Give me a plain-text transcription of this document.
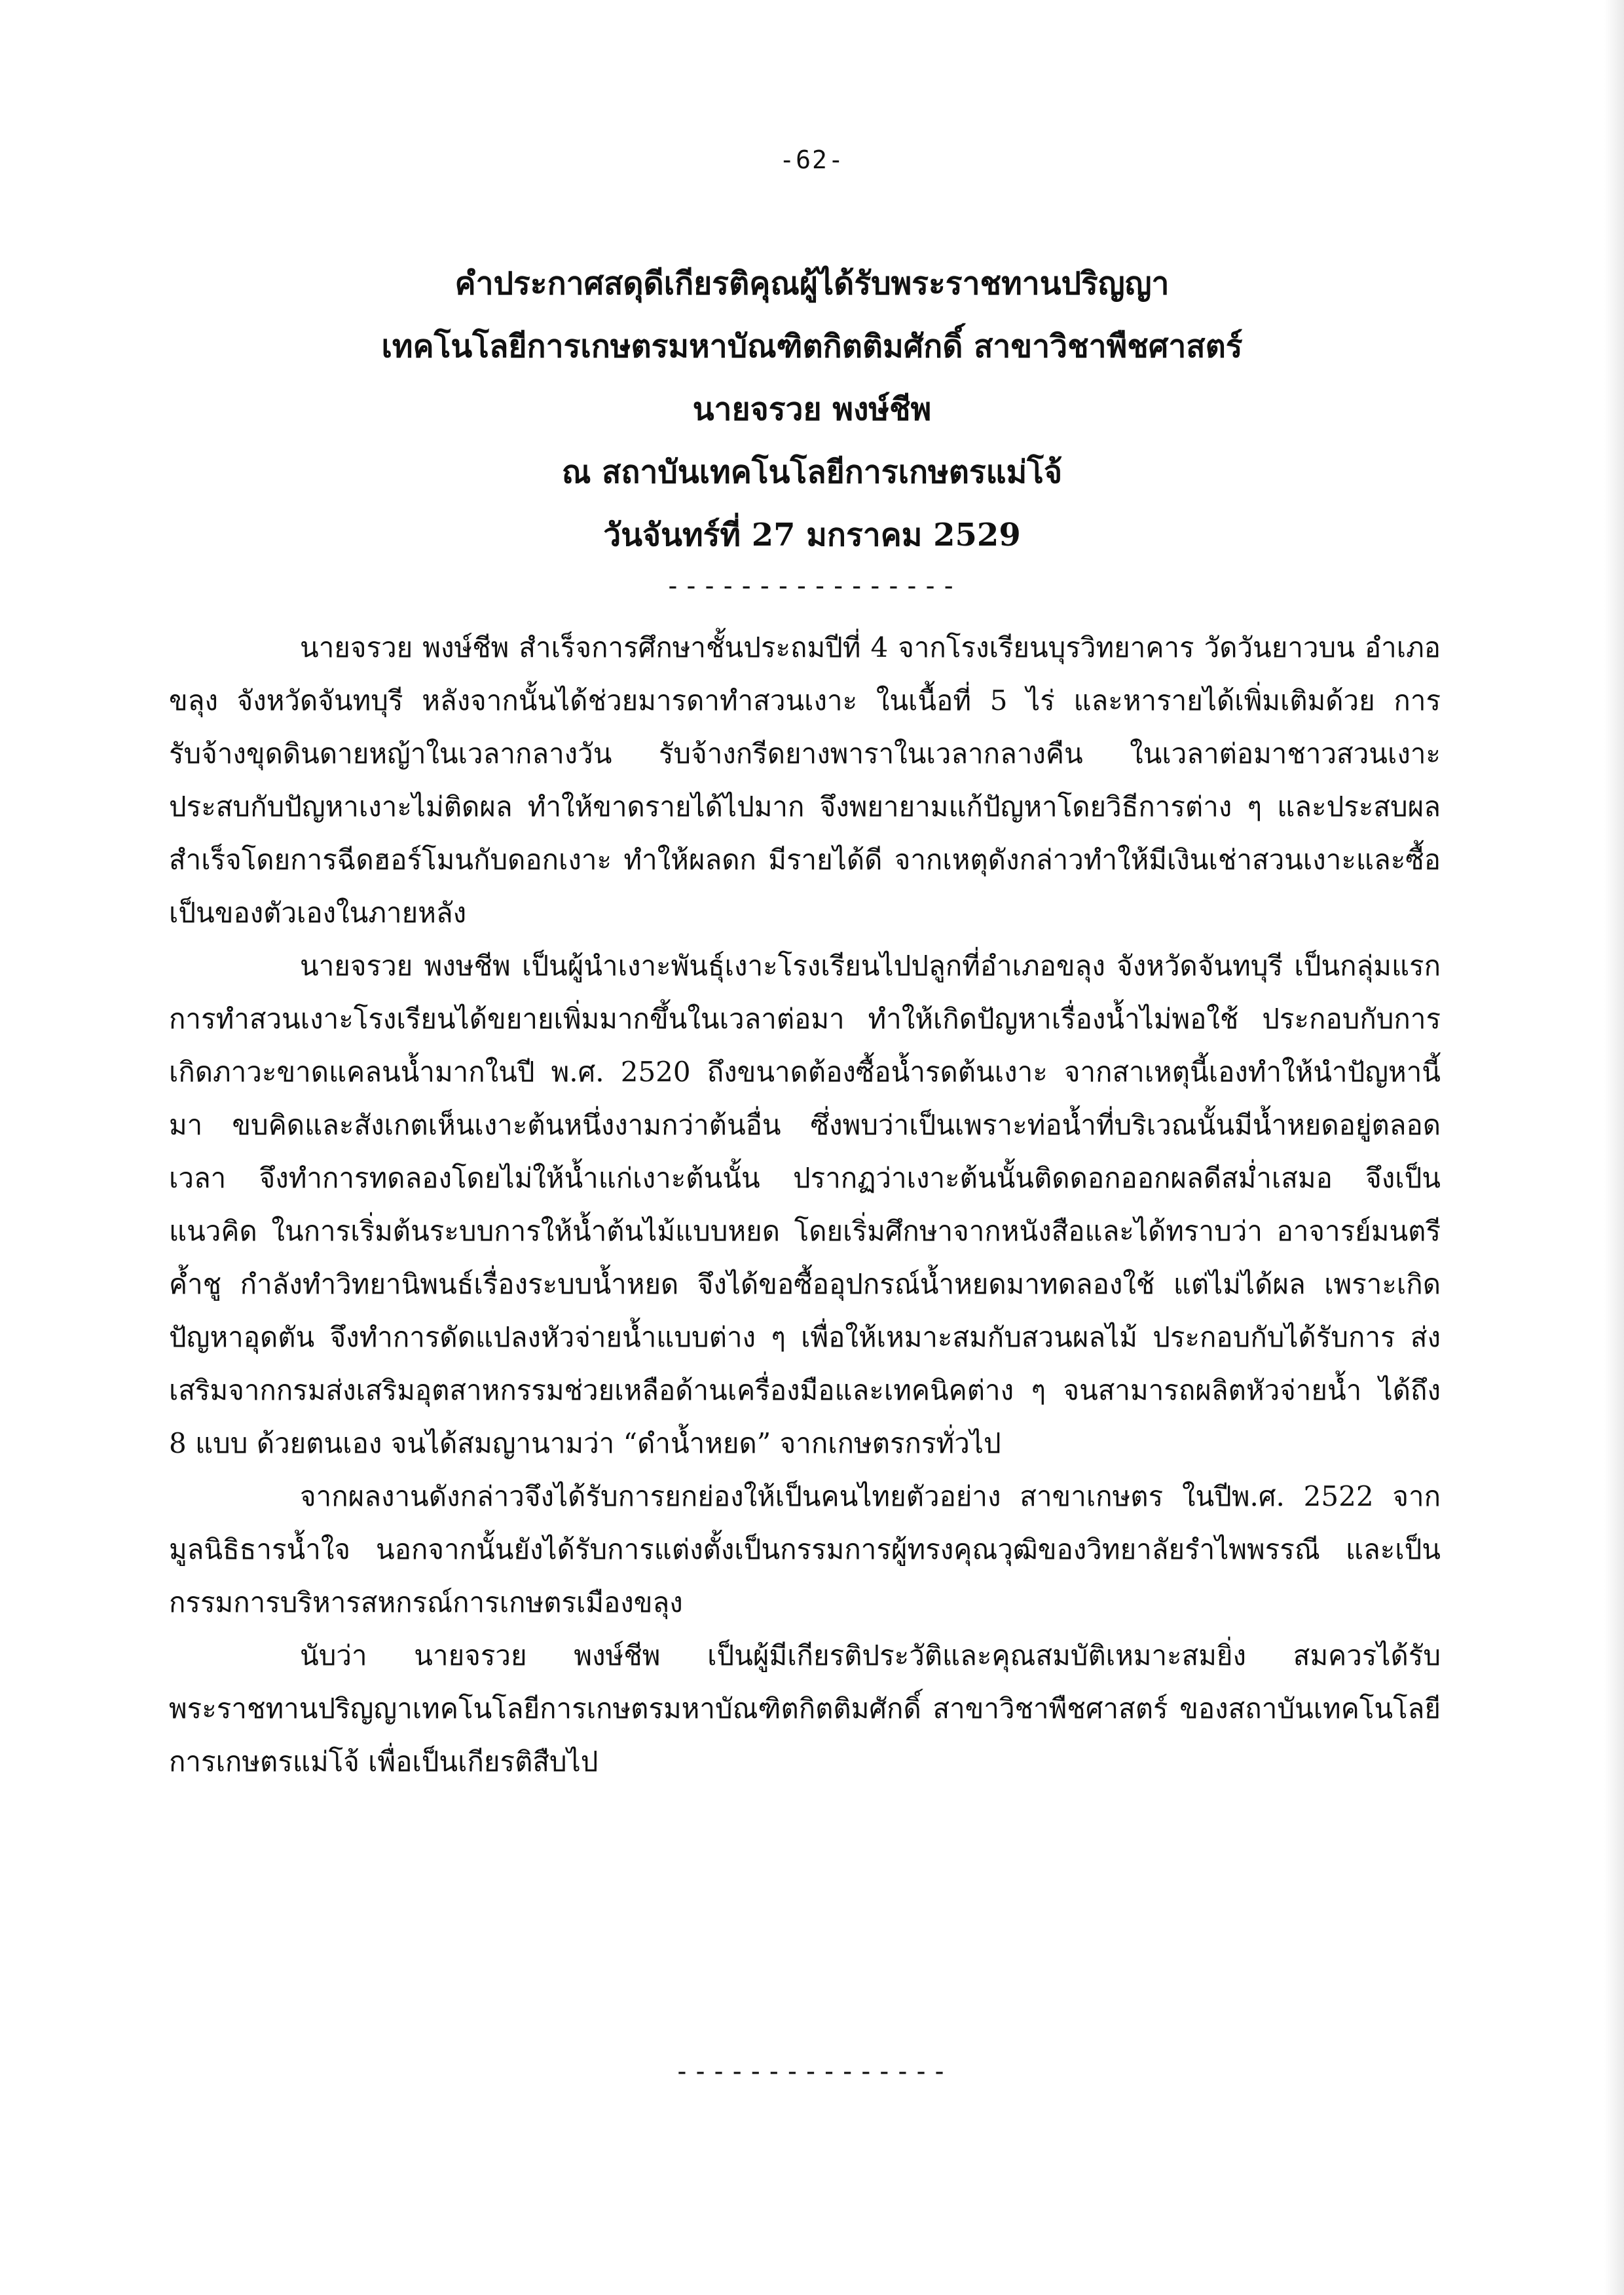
-62-
คำประกาศสดุดีเกียรติคุณผู้ได้รับพระราชทานปริญญา
เทคโนโลยีการเกษตรมหาบัณฑิตกิตติมศักดิ์ สาขาวิชาพืชศาสตร์
นายจรวย พงษ์ชีพ
ณ สถาบันเทคโนโลยีการเกษตรแม่โจ้
วันจันทร์ที่ 27 มกราคม 2529
----------------

นายจรวย พงษ์ชีพ สำเร็จการศึกษาชั้นประถมปีที่ 4 จากโรงเรียนบุรวิทยาคาร วัดวันยาวบน อำเภอขลุง จังหวัดจันทบุรี หลังจากนั้นได้ช่วยมารดาทำสวนเงาะ ในเนื้อที่ 5 ไร่ และหารายได้เพิ่มเติมด้วย การรับจ้างขุดดินดายหญ้าในเวลากลางวัน รับจ้างกรีดยางพาราในเวลากลางคืน ในเวลาต่อมาชาวสวนเงาะ ประสบกับปัญหาเงาะไม่ติดผล ทำให้ขาดรายได้ไปมาก จึงพยายามแก้ปัญหาโดยวิธีการต่าง ๆ และประสบผล สำเร็จโดยการฉีดฮอร์โมนกับดอกเงาะ ทำให้ผลดก มีรายได้ดี จากเหตุดังกล่าวทำให้มีเงินเช่าสวนเงาะและซื้อ เป็นของตัวเองในภายหลัง

นายจรวย พงษชีพ เป็นผู้นำเงาะพันธุ์เงาะโรงเรียนไปปลูกที่อำเภอขลุง จังหวัดจันทบุรี เป็นกลุ่มแรก การทำสวนเงาะโรงเรียนได้ขยายเพิ่มมากขึ้นในเวลาต่อมา ทำให้เกิดปัญหาเรื่องน้ำไม่พอใช้ ประกอบกับการ เกิดภาวะขาดแคลนน้ำมากในปี พ.ศ. 2520 ถึงขนาดต้องซื้อน้ำรดต้นเงาะ จากสาเหตุนี้เองทำให้นำปัญหานี้มา ขบคิดและสังเกตเห็นเงาะต้นหนึ่งงามกว่าต้นอื่น ซึ่งพบว่าเป็นเพราะท่อน้ำที่บริเวณนั้นมีน้ำหยดอยู่ตลอดเวลา จึงทำการทดลองโดยไม่ให้น้ำแก่เงาะต้นนั้น ปรากฏว่าเงาะต้นนั้นติดดอกออกผลดีสม่ำเสมอ จึงเป็นแนวคิด ในการเริ่มต้นระบบการให้น้ำต้นไม้แบบหยด โดยเริ่มศึกษาจากหนังสือและได้ทราบว่า อาจารย์มนตรี ค้ำชู กำลังทำวิทยานิพนธ์เรื่องระบบน้ำหยด จึงได้ขอซื้ออุปกรณ์น้ำหยดมาทดลองใช้ แต่ไม่ได้ผล เพราะเกิด ปัญหาอุดตัน จึงทำการดัดแปลงหัวจ่ายน้ำแบบต่าง ๆ เพื่อให้เหมาะสมกับสวนผลไม้ ประกอบกับได้รับการ ส่งเสริมจากกรมส่งเสริมอุตสาหกรรมช่วยเหลือด้านเครื่องมือและเทคนิคต่าง ๆ จนสามารถผลิตหัวจ่ายน้ำ ได้ถึง 8 แบบ ด้วยตนเอง จนได้สมญานามว่า “ดำน้ำหยด” จากเกษตรกรทั่วไป

จากผลงานดังกล่าวจึงได้รับการยกย่องให้เป็นคนไทยตัวอย่าง สาขาเกษตร ในปีพ.ศ. 2522 จากมูลนิธิธารน้ำใจ นอกจากนั้นยังได้รับการแต่งตั้งเป็นกรรมการผู้ทรงคุณวุฒิของวิทยาลัยรำไพพรรณี และเป็นกรรมการบริหารสหกรณ์การเกษตรเมืองขลุง

นับว่า นายจรวย พงษ์ชีพ เป็นผู้มีเกียรติประวัติและคุณสมบัติเหมาะสมยิ่ง สมควรได้รับ พระราชทานปริญญาเทคโนโลยีการเกษตรมหาบัณฑิตกิตติมศักดิ์ สาขาวิชาพืชศาสตร์ ของสถาบันเทคโนโลยี การเกษตรแม่โจ้ เพื่อเป็นเกียรติสืบไป

---------------
